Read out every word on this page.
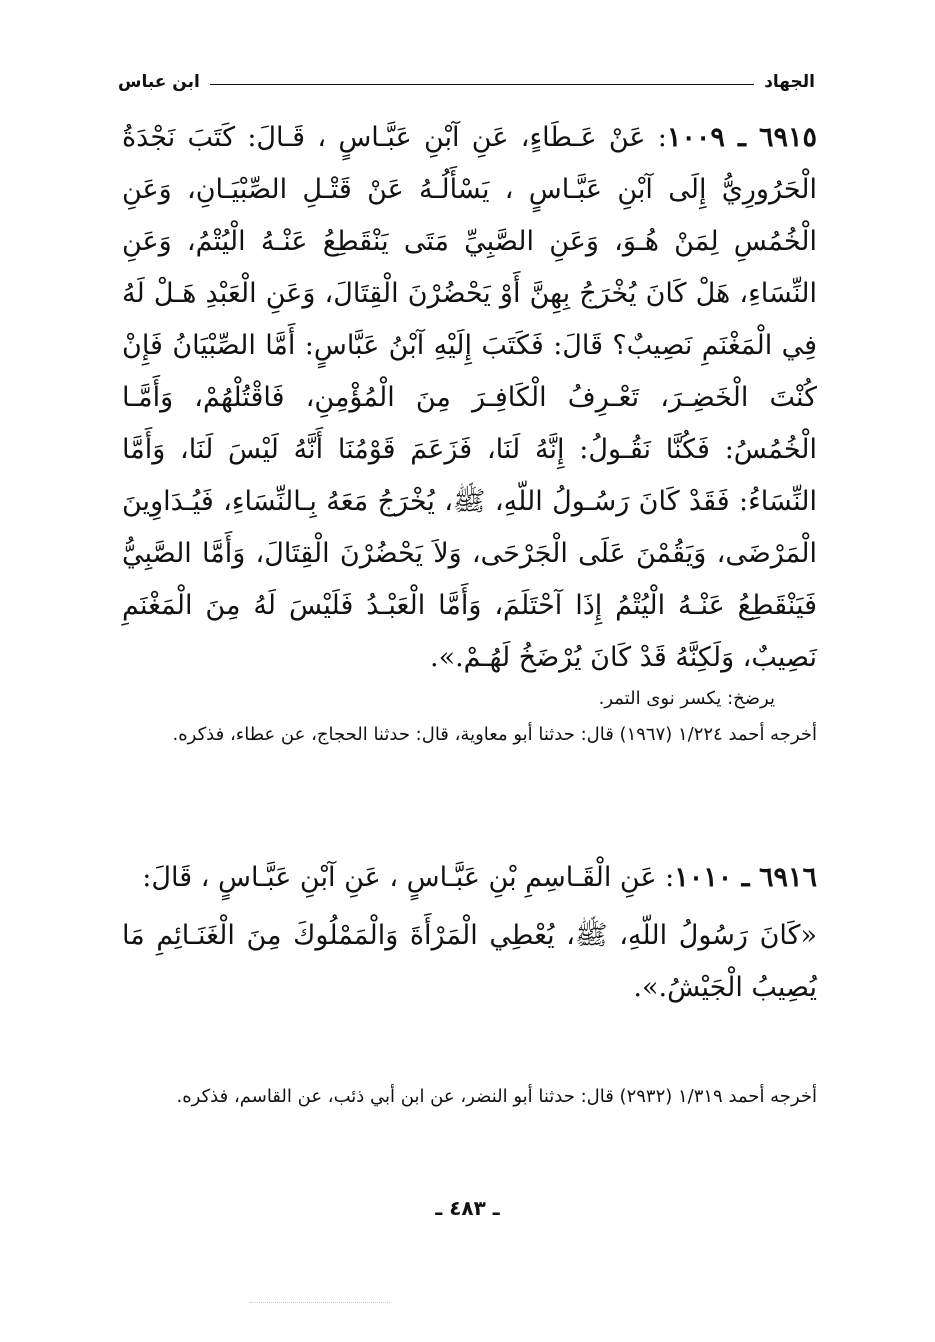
الجهاد
ابن عباس
٦٩١٥ ـ ١٠٠٩: عَنْ عَـطَاءٍ، عَنِ آبْنِ عَبَّـاسٍ ، قَـالَ: كَتَبَ نَجْدَةُ الْحَرُورِيُّ إِلَى آبْنِ عَبَّـاسٍ ، يَسْأَلُـهُ عَنْ قَتْـلِ الصِّبْيَـانِ، وَعَنِ الْخُمُسِ لِمَنْ هُـوَ، وَعَنِ الصَّبِيِّ مَتَى يَنْقَطِعُ عَنْـهُ الْيُتْمُ، وَعَنِ النِّسَاءِ، هَلْ كَانَ يُخْرَجُ بِهِنَّ أَوْ يَحْضُرْنَ الْقِتَالَ، وَعَنِ الْعَبْدِ هَـلْ لَهُ فِي الْمَغْنَمِ نَصِيبٌ؟ قَالَ: فَكَتَبَ إِلَيْهِ آبْنُ عَبَّاسٍ: أَمَّا الصِّبْيَانُ فَإِنْ كُنْتَ الْخَضِـرَ، تَعْـرِفُ الْكَافِـرَ مِنَ الْمُؤْمِنِ، فَاقْتُلْهُمْ، وَأَمَّـا الْخُمُسُ: فَكُنَّا نَقُـولُ: إِنَّهُ لَنَا، فَزَعَمَ قَوْمُنَا أَنَّهُ لَيْسَ لَنَا، وَأَمَّا النِّسَاءُ: فَقَدْ كَانَ رَسُـولُ اللّهِ، ﷺ، يُخْرَجُ مَعَهُ بِـالنِّسَاءِ، فَيُـدَاوِينَ الْمَرْضَى، وَيَقُمْنَ عَلَى الْجَرْحَى، وَلاَ يَحْضُرْنَ الْقِتَالَ، وَأَمَّا الصَّبِيُّ فَيَنْقَطِعُ عَنْـهُ الْيُتْمُ إِذَا آحْتَلَمَ، وَأَمَّا الْعَبْـدُ فَلَيْسَ لَهُ مِنَ الْمَغْنَمِ نَصِيبٌ، وَلَكِنَّهُ قَدْ كَانَ يُرْضَخُ لَهُـمْ.».
يرضخ: يكسر نوى التمر.
أخرجه أحمد ١/٢٢٤ (١٩٦٧) قال: حدثنا أبو معاوية، قال: حدثنا الحجاج، عن عطاء، فذكره.
٦٩١٦ ـ ١٠١٠: عَنِ الْقَـاسِمِ بْنِ عَبَّـاسٍ ، عَنِ آبْنِ عَبَّـاسٍ ، قَالَ:
«كَانَ رَسُولُ اللّهِ، ﷺ، يُعْطِي الْمَرْأَةَ وَالْمَمْلُوكَ مِنَ الْغَنَـائِمِ مَا يُصِيبُ الْجَيْشُ.».
أخرجه أحمد ١/٣١٩ (٢٩٣٢) قال: حدثنا أبو النضر، عن ابن أبي ذئب، عن القاسم، فذكره.
ـ ٤٨٣ ـ
